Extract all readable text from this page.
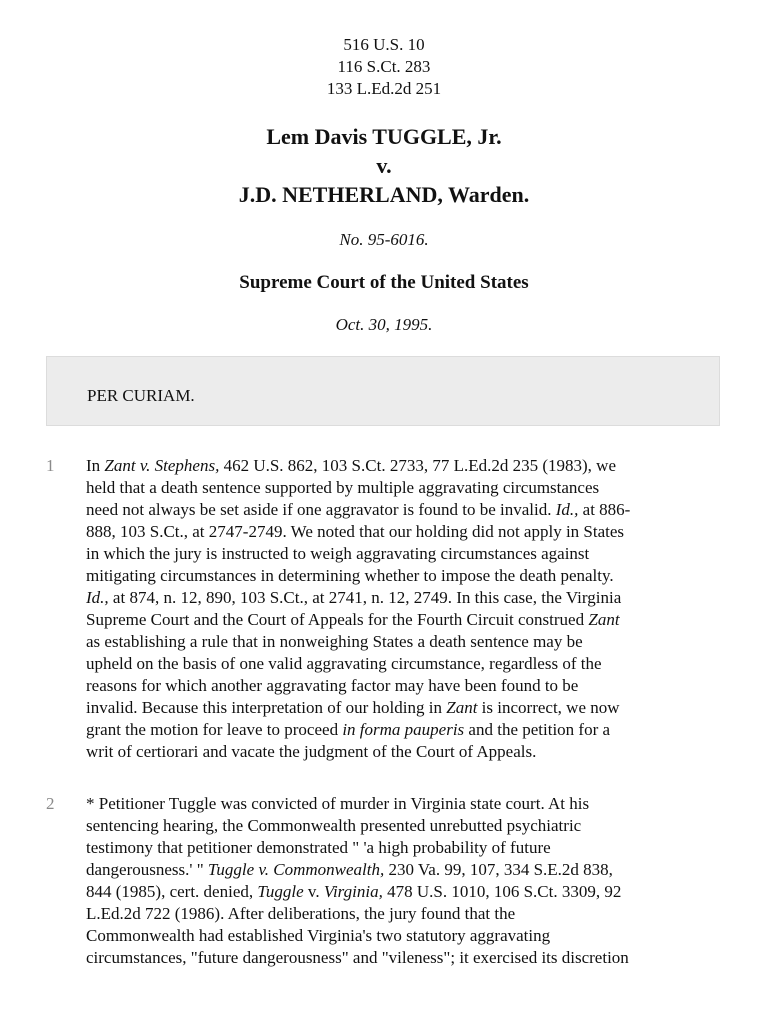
516 U.S. 10
116 S.Ct. 283
133 L.Ed.2d 251
Lem Davis TUGGLE, Jr.
v.
J.D. NETHERLAND, Warden.
No. 95-6016.
Supreme Court of the United States
Oct. 30, 1995.
PER CURIAM.
1 In Zant v. Stephens, 462 U.S. 862, 103 S.Ct. 2733, 77 L.Ed.2d 235 (1983), we
held that a death sentence supported by multiple aggravating circumstances
need not always be set aside if one aggravator is found to be invalid. Id., at 886-
888, 103 S.Ct., at 2747-2749. We noted that our holding did not apply in States
in which the jury is instructed to weigh aggravating circumstances against
mitigating circumstances in determining whether to impose the death penalty.
Id., at 874, n. 12, 890, 103 S.Ct., at 2741, n. 12, 2749. In this case, the Virginia
Supreme Court and the Court of Appeals for the Fourth Circuit construed Zant
as establishing a rule that in nonweighing States a death sentence may be
upheld on the basis of one valid aggravating circumstance, regardless of the
reasons for which another aggravating factor may have been found to be
invalid. Because this interpretation of our holding in Zant is incorrect, we now
grant the motion for leave to proceed in forma pauperis and the petition for a
writ of certiorari and vacate the judgment of the Court of Appeals.
2 * Petitioner Tuggle was convicted of murder in Virginia state court. At his
sentencing hearing, the Commonwealth presented unrebutted psychiatric
testimony that petitioner demonstrated " 'a high probability of future
dangerousness.' " Tuggle v. Commonwealth, 230 Va. 99, 107, 334 S.E.2d 838,
844 (1985), cert. denied, Tuggle v. Virginia, 478 U.S. 1010, 106 S.Ct. 3309, 92
L.Ed.2d 722 (1986). After deliberations, the jury found that the
Commonwealth had established Virginia's two statutory aggravating
circumstances, "future dangerousness" and "vileness"; it exercised its discretion
